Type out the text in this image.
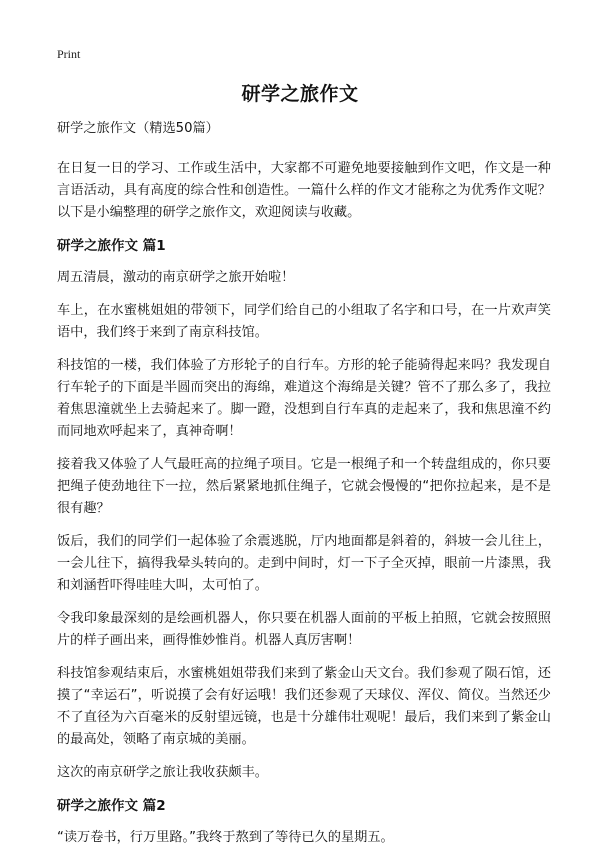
Print
研学之旅作文

研学之旅作文（精选50篇）

在日复一日的学习、工作或生活中，大家都不可避免地要接触到作文吧，作文是一种言语活动，具有高度的综合性和创造性。一篇什么样的作文才能称之为优秀作文呢？以下是小编整理的研学之旅作文，欢迎阅读与收藏。

研学之旅作文 篇1

周五清晨，激动的南京研学之旅开始啦！

车上，在水蜜桃姐姐的带领下，同学们给自己的小组取了名字和口号，在一片欢声笑语中，我们终于来到了南京科技馆。

科技馆的一楼，我们体验了方形轮子的自行车。方形的轮子能骑得起来吗？我发现自行车轮子的下面是半圆而突出的海绵，难道这个海绵是关键？管不了那么多了，我拉着焦思潼就坐上去骑起来了。脚一蹬，没想到自行车真的走起来了，我和焦思潼不约而同地欢呼起来了，真神奇啊！

接着我又体验了人气最旺高的拉绳子项目。它是一根绳子和一个转盘组成的，你只要把绳子使劲地往下一拉，然后紧紧地抓住绳子，它就会慢慢的“把你拉起来，是不是很有趣？

饭后，我们的同学们一起体验了余震逃脱，厅内地面都是斜着的，斜坡一会儿往上，一会儿往下，搞得我晕头转向的。走到中间时，灯一下子全灭掉，眼前一片漆黑，我和刘涵哲吓得哇哇大叫，太可怕了。

令我印象最深刻的是绘画机器人，你只要在机器人面前的平板上拍照，它就会按照照片的样子画出来，画得惟妙惟肖。机器人真厉害啊！

科技馆参观结束后，水蜜桃姐姐带我们来到了紫金山天文台。我们参观了陨石馆，还摸了“幸运石”，听说摸了会有好运哦！我们还参观了天球仪、浑仪、简仪。当然还少不了直径为六百毫米的反射望远镜，也是十分雄伟壮观呢！最后，我们来到了紫金山的最高处，领略了南京城的美丽。

这次的南京研学之旅让我收获颇丰。

研学之旅作文 篇2

“读万卷书，行万里路。”我终于熬到了等待已久的星期五。
